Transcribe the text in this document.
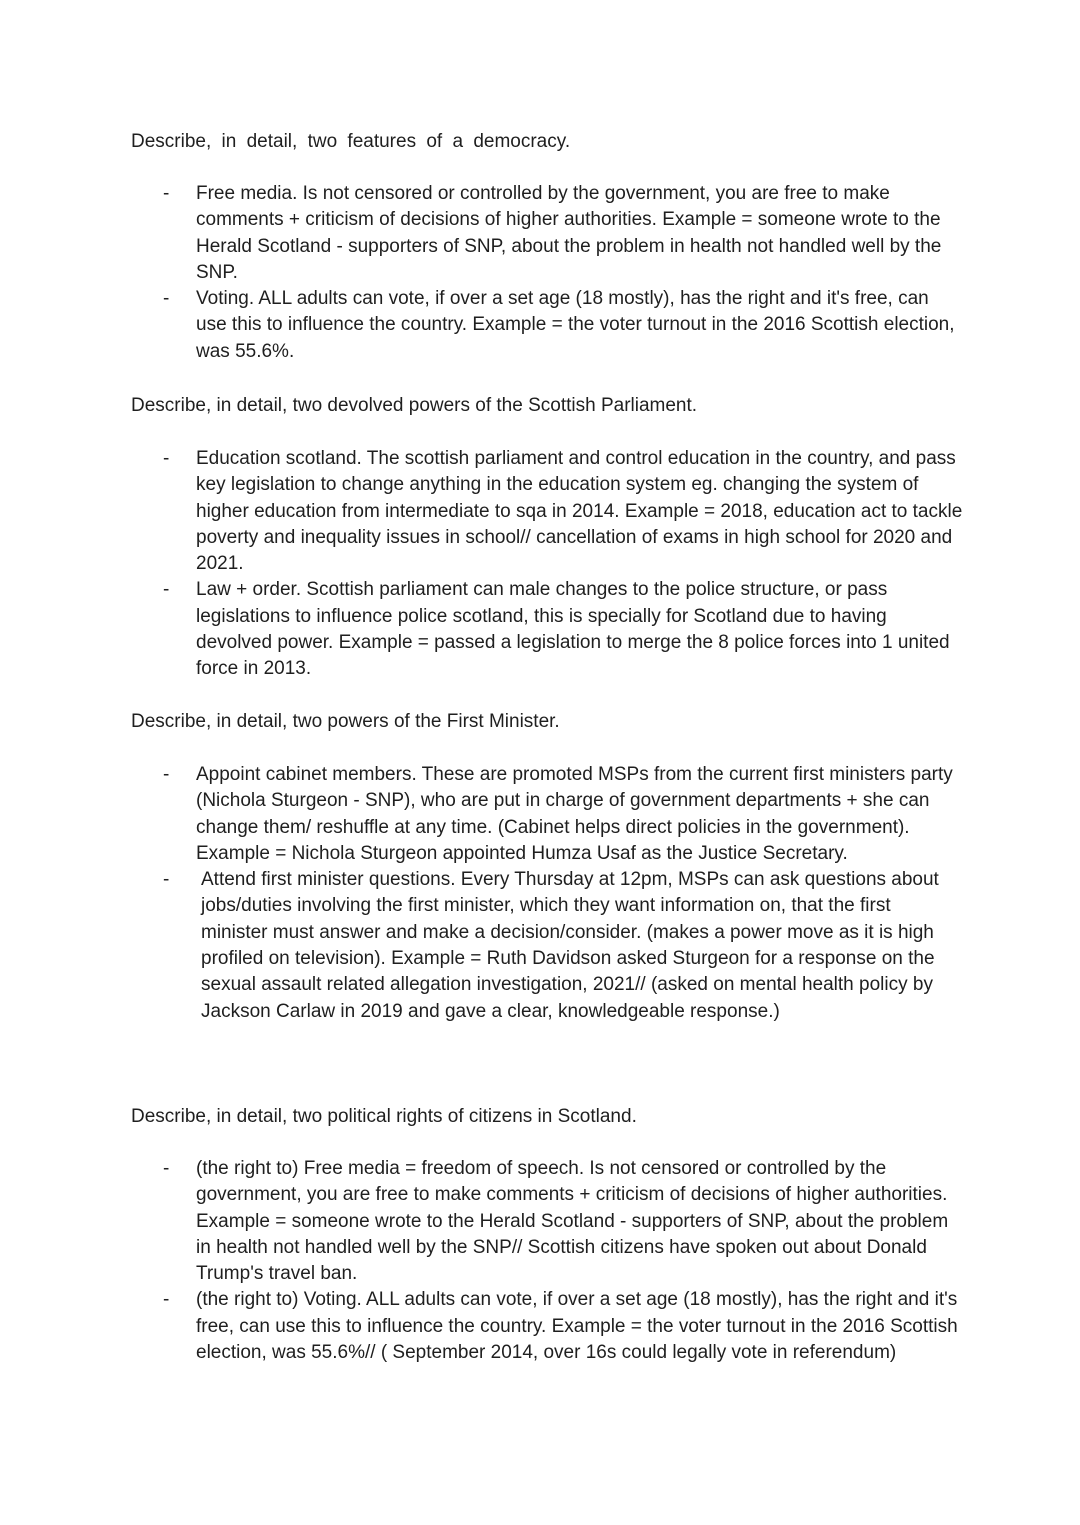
Describe, in detail, two features of a democracy.
- Free media. Is not censored or controlled by the government, you are free to make comments + criticism of decisions of higher authorities. Example = someone wrote to the Herald Scotland - supporters of SNP, about the problem in health not handled well by the SNP.
- Voting. ALL adults can vote, if over a set age (18 mostly), has the right and it's free, can use this to influence the country. Example = the voter turnout in the 2016 Scottish election, was 55.6%.
Describe, in detail, two devolved powers of the Scottish Parliament.
- Education scotland. The scottish parliament and control education in the country, and pass key legislation to change anything in the education system eg. changing the system of higher education from intermediate to sqa in 2014. Example = 2018, education act to tackle poverty and inequality issues in school// cancellation of exams in high school for 2020 and 2021.
- Law + order. Scottish parliament can male changes to the police structure, or pass legislations to influence police scotland, this is specially for Scotland due to having devolved power. Example = passed a legislation to merge the 8 police forces into 1 united force in 2013.
Describe, in detail, two powers of the First Minister.
- Appoint cabinet members. These are promoted MSPs from the current first ministers party (Nichola Sturgeon - SNP), who are put in charge of government departments + she can change them/ reshuffle at any time. (Cabinet helps direct policies in the government). Example = Nichola Sturgeon appointed Humza Usaf as the Justice Secretary.
- Attend first minister questions. Every Thursday at 12pm, MSPs can ask questions about jobs/duties involving the first minister, which they want information on, that the first minister must answer and make a decision/consider. (makes a power move as it is high profiled on television). Example = Ruth Davidson asked Sturgeon for a response on the sexual assault related allegation investigation, 2021// (asked on mental health policy by Jackson Carlaw in 2019 and gave a clear, knowledgeable response.)
Describe, in detail, two political rights of citizens in Scotland.
- (the right to) Free media = freedom of speech. Is not censored or controlled by the government, you are free to make comments + criticism of decisions of higher authorities. Example = someone wrote to the Herald Scotland - supporters of SNP, about the problem in health not handled well by the SNP// Scottish citizens have spoken out about Donald Trump's travel ban.
- (the right to) Voting. ALL adults can vote, if over a set age (18 mostly), has the right and it's free, can use this to influence the country. Example = the voter turnout in the 2016 Scottish election, was 55.6%// ( September 2014, over 16s could legally vote in referendum)
